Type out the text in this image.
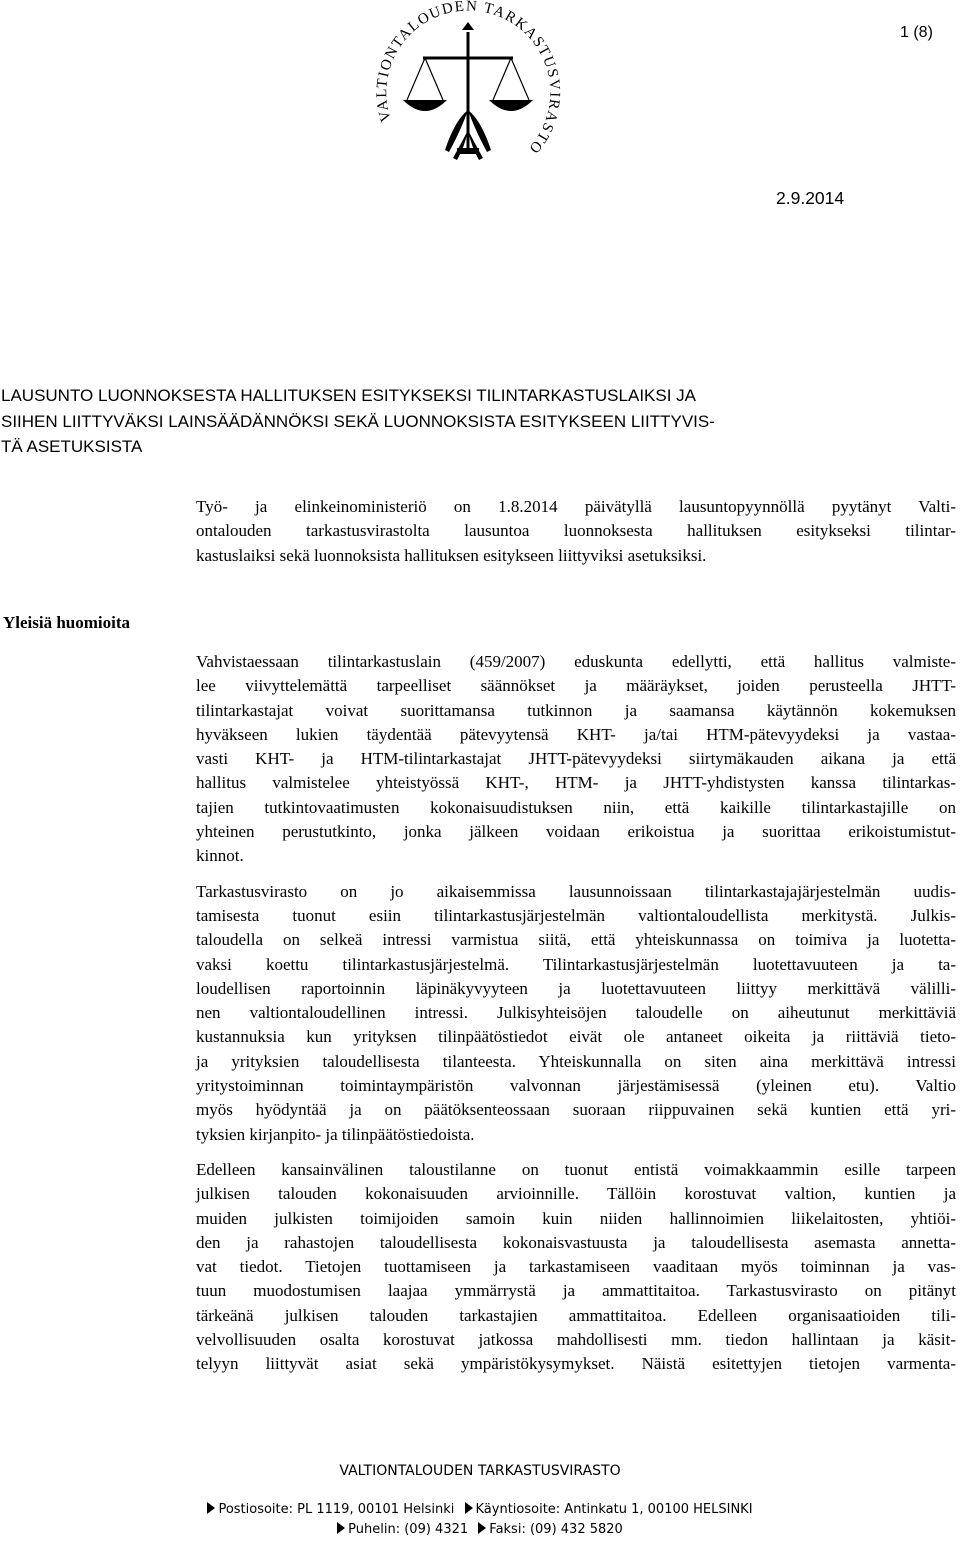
VALTIONTALOUDEN TARKASTUSVIRASTO
1 (8)
2.9.2014
LAUSUNTO LUONNOKSESTA HALLITUKSEN ESITYKSEKSI TILINTARKASTUSLAIKSI JA
SIIHEN LIITTYVÄKSI LAINSÄÄDÄNNÖKSI SEKÄ LUONNOKSISTA ESITYKSEEN LIITTYVIS-
TÄ ASETUKSISTA
Työ- ja elinkeinoministeriö on 1.8.2014 päivätyllä lausuntopyynnöllä pyytänyt Valti-
ontalouden tarkastusvirastolta lausuntoa luonnoksesta hallituksen esitykseksi tilintar-
kastuslaiksi sekä luonnoksista hallituksen esitykseen liittyviksi asetuksiksi.
Yleisiä huomioita
Vahvistaessaan tilintarkastuslain (459/2007) eduskunta edellytti, että hallitus valmiste-
lee viivyttelemättä tarpeelliset säännökset ja määräykset, joiden perusteella JHTT-
tilintarkastajat voivat suorittamansa tutkinnon ja saamansa käytännön kokemuksen
hyväkseen lukien täydentää pätevyytensä KHT- ja/tai HTM-pätevyydeksi ja vastaa-
vasti KHT- ja HTM-tilintarkastajat JHTT-pätevyydeksi siirtymäkauden aikana ja että
hallitus valmistelee yhteistyössä KHT-, HTM- ja JHTT-yhdistysten kanssa tilintarkas-
tajien tutkintovaatimusten kokonaisuudistuksen niin, että kaikille tilintarkastajille on
yhteinen perustutkinto, jonka jälkeen voidaan erikoistua ja suorittaa erikoistumistut-
kinnot.
Tarkastusvirasto on jo aikaisemmissa lausunnoissaan tilintarkastajajärjestelmän uudis-
tamisesta tuonut esiin tilintarkastusjärjestelmän valtiontaloudellista merkitystä. Julkis-
taloudella on selkeä intressi varmistua siitä, että yhteiskunnassa on toimiva ja luotetta-
vaksi koettu tilintarkastusjärjestelmä. Tilintarkastusjärjestelmän luotettavuuteen ja ta-
loudellisen raportoinnin läpinäkyvyyteen ja luotettavuuteen liittyy merkittävä välilli-
nen valtiontaloudellinen intressi. Julkisyhteisöjen taloudelle on aiheutunut merkittäviä
kustannuksia kun yrityksen tilinpäätöstiedot eivät ole antaneet oikeita ja riittäviä tieto-
ja yrityksien taloudellisesta tilanteesta. Yhteiskunnalla on siten aina merkittävä intressi
yritystoiminnan toimintaympäristön valvonnan järjestämisessä (yleinen etu). Valtio
myös hyödyntää ja on päätöksenteossaan suoraan riippuvainen sekä kuntien että yri-
tyksien kirjanpito- ja tilinpäätöstiedoista.
Edelleen kansainvälinen taloustilanne on tuonut entistä voimakkaammin esille tarpeen
julkisen talouden kokonaisuuden arvioinnille. Tällöin korostuvat valtion, kuntien ja
muiden julkisten toimijoiden samoin kuin niiden hallinnoimien liikelaitosten, yhtiöi-
den ja rahastojen taloudellisesta kokonaisvastuusta ja taloudellisesta asemasta annetta-
vat tiedot. Tietojen tuottamiseen ja tarkastamiseen vaaditaan myös toiminnan ja vas-
tuun muodostumisen laajaa ymmärrystä ja ammattitaitoa. Tarkastusvirasto on pitänyt
tärkeänä julkisen talouden tarkastajien ammattitaitoa. Edelleen organisaatioiden tili-
velvollisuuden osalta korostuvat jatkossa mahdollisesti mm. tiedon hallintaan ja käsit-
telyyn liittyvät asiat sekä ympäristökysymykset. Näistä esitettyjen tietojen varmenta-
VALTIONTALOUDEN TARKASTUSVIRASTO
Postiosoite: PL 1119, 00101 Helsinki Käyntiosoite: Antinkatu 1, 00100 HELSINKI
Puhelin: (09) 4321 Faksi: (09) 432 5820
